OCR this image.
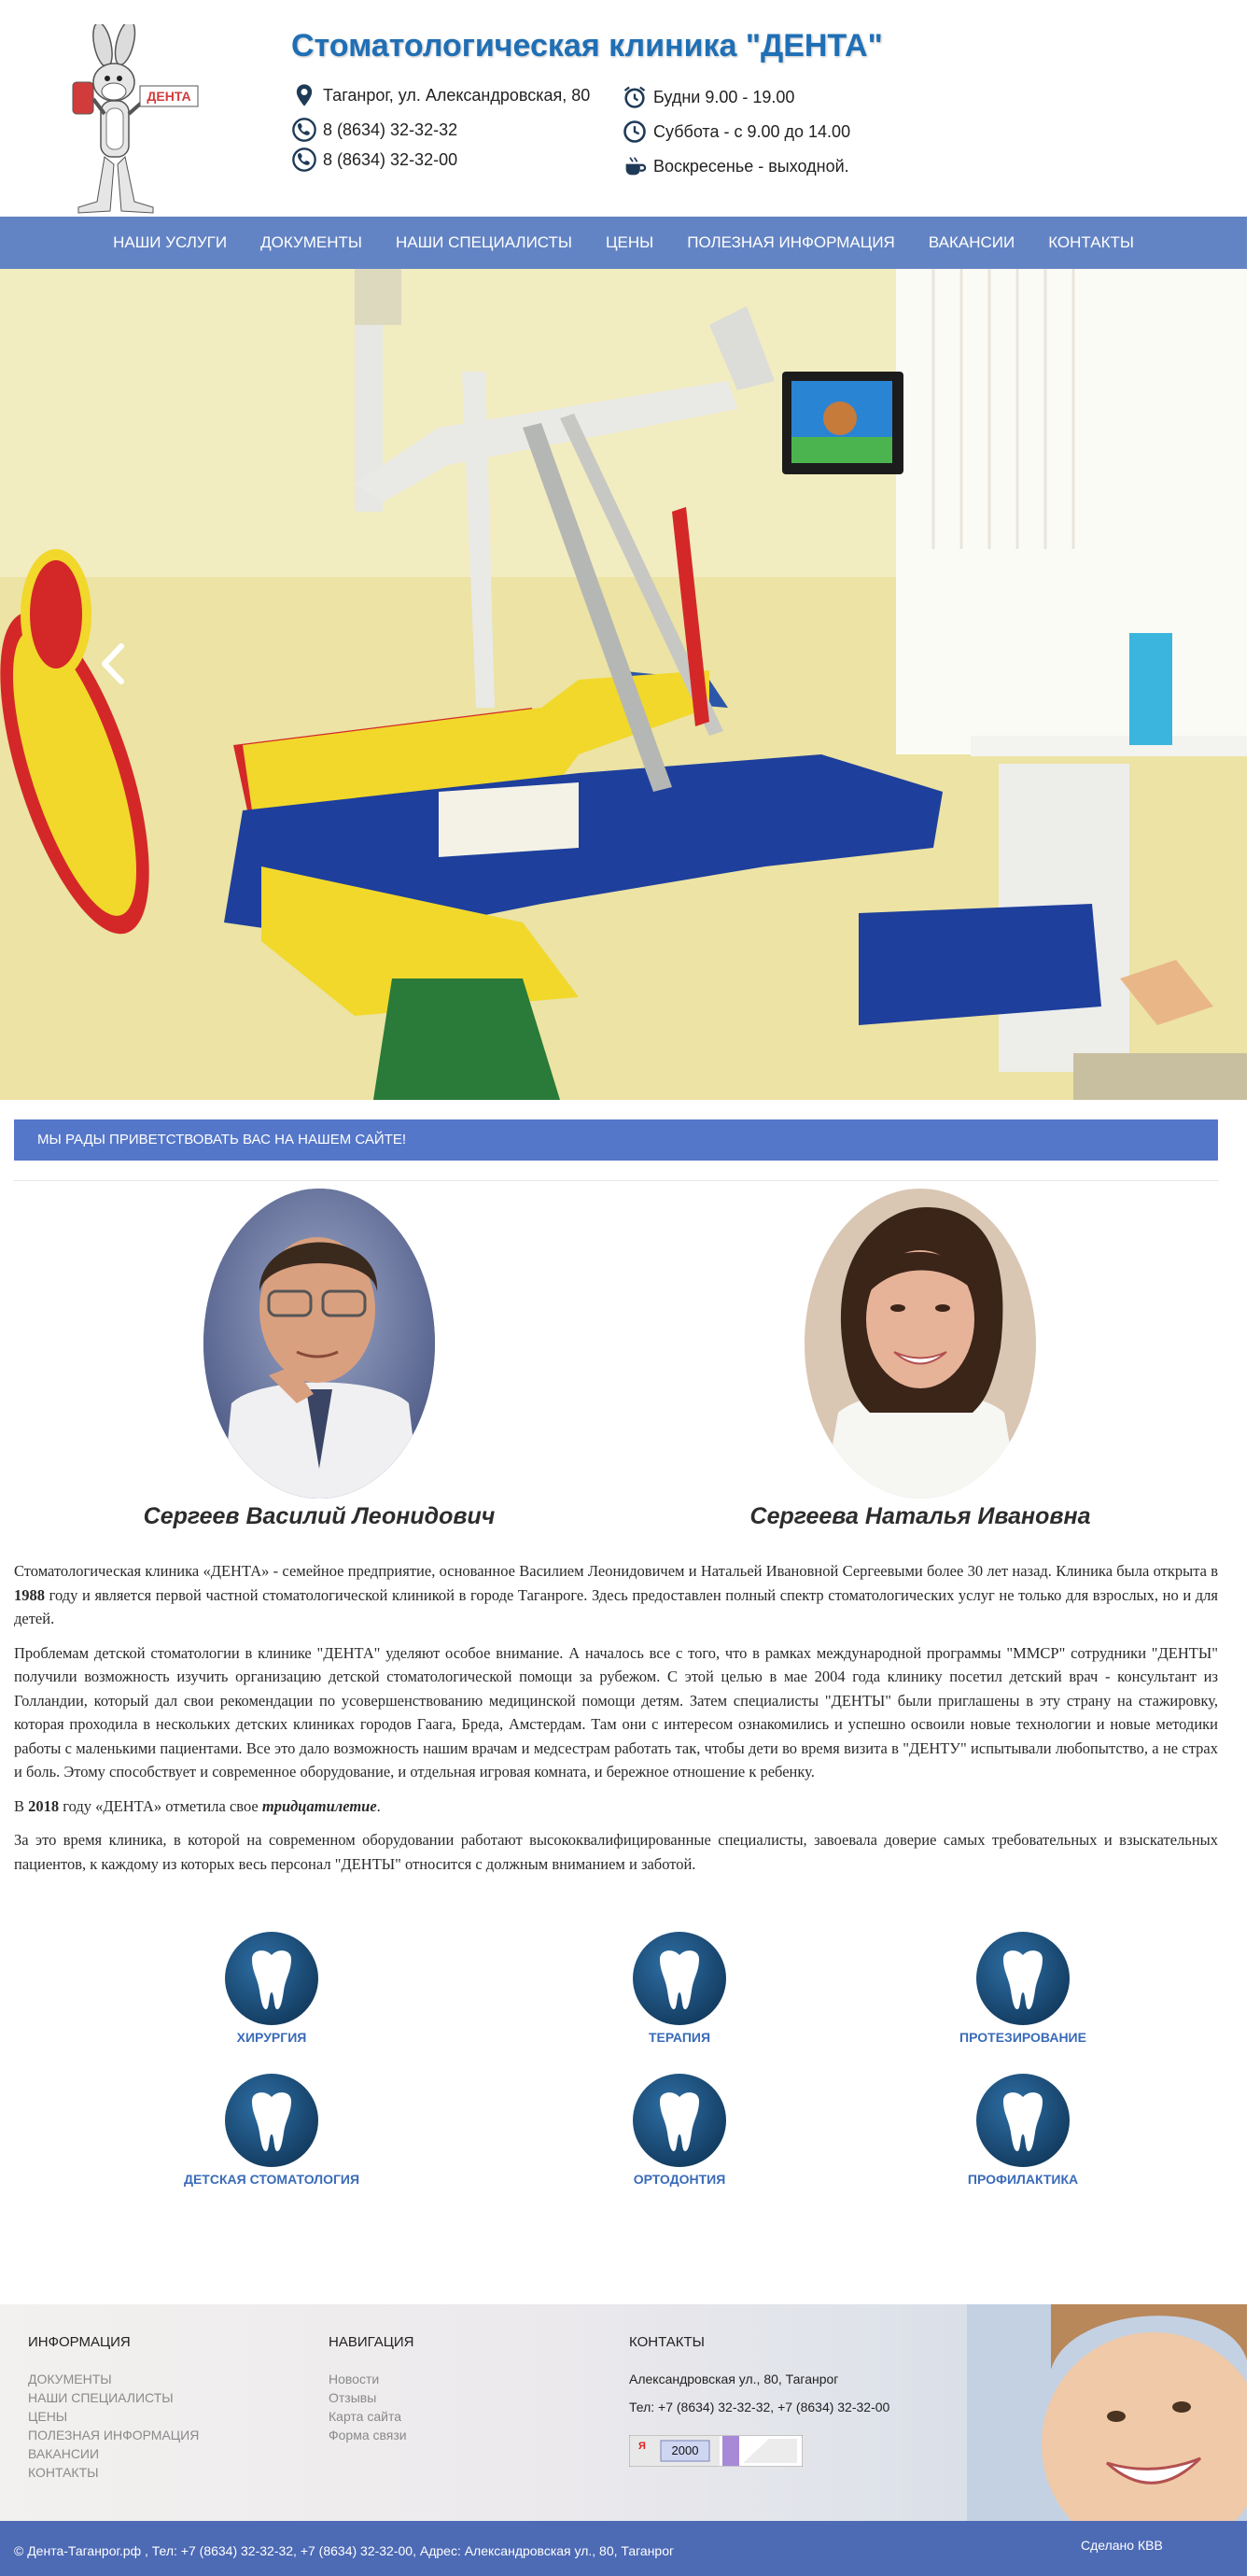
ДЕНТА
Стоматологическая клиника "ДЕНТА"
Таганрог, ул. Александровская, 80
8 (8634) 32-32-32
8 (8634) 32-32-00
Будни 9.00 - 19.00
Суббота - с 9.00 до 14.00
Воскресенье - выходной.
НАШИ УСЛУГИ	ДОКУМЕНТЫ	НАШИ СПЕЦИАЛИСТЫ	ЦЕНЫ	ПОЛЕЗНАЯ ИНФОРМАЦИЯ	ВАКАНСИИ	КОНТАКТЫ
МЫ РАДЫ ПРИВЕТСТВОВАТЬ ВАС НА НАШЕМ САЙТЕ!
Сергеев Василий Леонидович	Сергеева Наталья Ивановна

Стоматологическая клиника «ДЕНТА» - семейное предприятие, основанное Василием Леонидовичем и Натальей Ивановной Сергеевыми более 30 лет назад. Клиника была открыта в 1988 году и является первой частной стоматологической клиникой в городе Таганроге. Здесь предоставлен полный спектр стоматологических услуг не только для взрослых, но и для детей.

Проблемам детской стоматологии в клинике "ДЕНТА" уделяют особое внимание. А началось все с того, что в рамках международной программы "ММСР" сотрудники "ДЕНТЫ" получили возможность изучить организацию детской стоматологической помощи за рубежом. С этой целью в мае 2004 года клинику посетил детский врач - консультант из Голландии, который дал свои рекомендации по усовершенствованию медицинской помощи детям. Затем специалисты "ДЕНТЫ" были приглашены в эту страну на стажировку, которая проходила в нескольких детских клиниках городов Гаага, Бреда, Амстердам. Там они с интересом ознакомились и успешно освоили новые технологии и новые методики работы с маленькими пациентами. Все это дало возможность нашим врачам и медсестрам работать так, чтобы дети во время визита в "ДЕНТУ" испытывали любопытство, а не страх и боль. Этому способствует и современное оборудование, и отдельная игровая комната, и бережное отношение к ребенку.

В 2018 году «ДЕНТА» отметила свое тридцатилетие.

За это время клиника, в которой на современном оборудовании работают высококвалифицированные специалисты, завоевала доверие самых требовательных и взыскательных пациентов, к каждому из которых весь персонал "ДЕНТЫ" относится с должным вниманием и заботой.

ХИРУРГИЯ	ТЕРАПИЯ	ПРОТЕЗИРОВАНИЕ
ДЕТСКАЯ СТОМАТОЛОГИЯ	ОРТОДОНТИЯ	ПРОФИЛАКТИКА
ИНФОРМАЦИЯ
ДОКУМЕНТЫ
НАШИ СПЕЦИАЛИСТЫ
ЦЕНЫ
ПОЛЕЗНАЯ ИНФОРМАЦИЯ
ВАКАНСИИ
КОНТАКТЫ
НАВИГАЦИЯ
Новости
Отзывы
Карта сайта
Форма связи
КОНТАКТЫ
Александровская ул., 80, Таганрог
Тел: +7 (8634) 32-32-32, +7 (8634) 32-32-00
Я 2000
© Дента-Таганрог.рф , Тел: +7 (8634) 32-32-32, +7 (8634) 32-32-00, Адрес: Александровская ул., 80, Таганрог	Сделано КВВ
